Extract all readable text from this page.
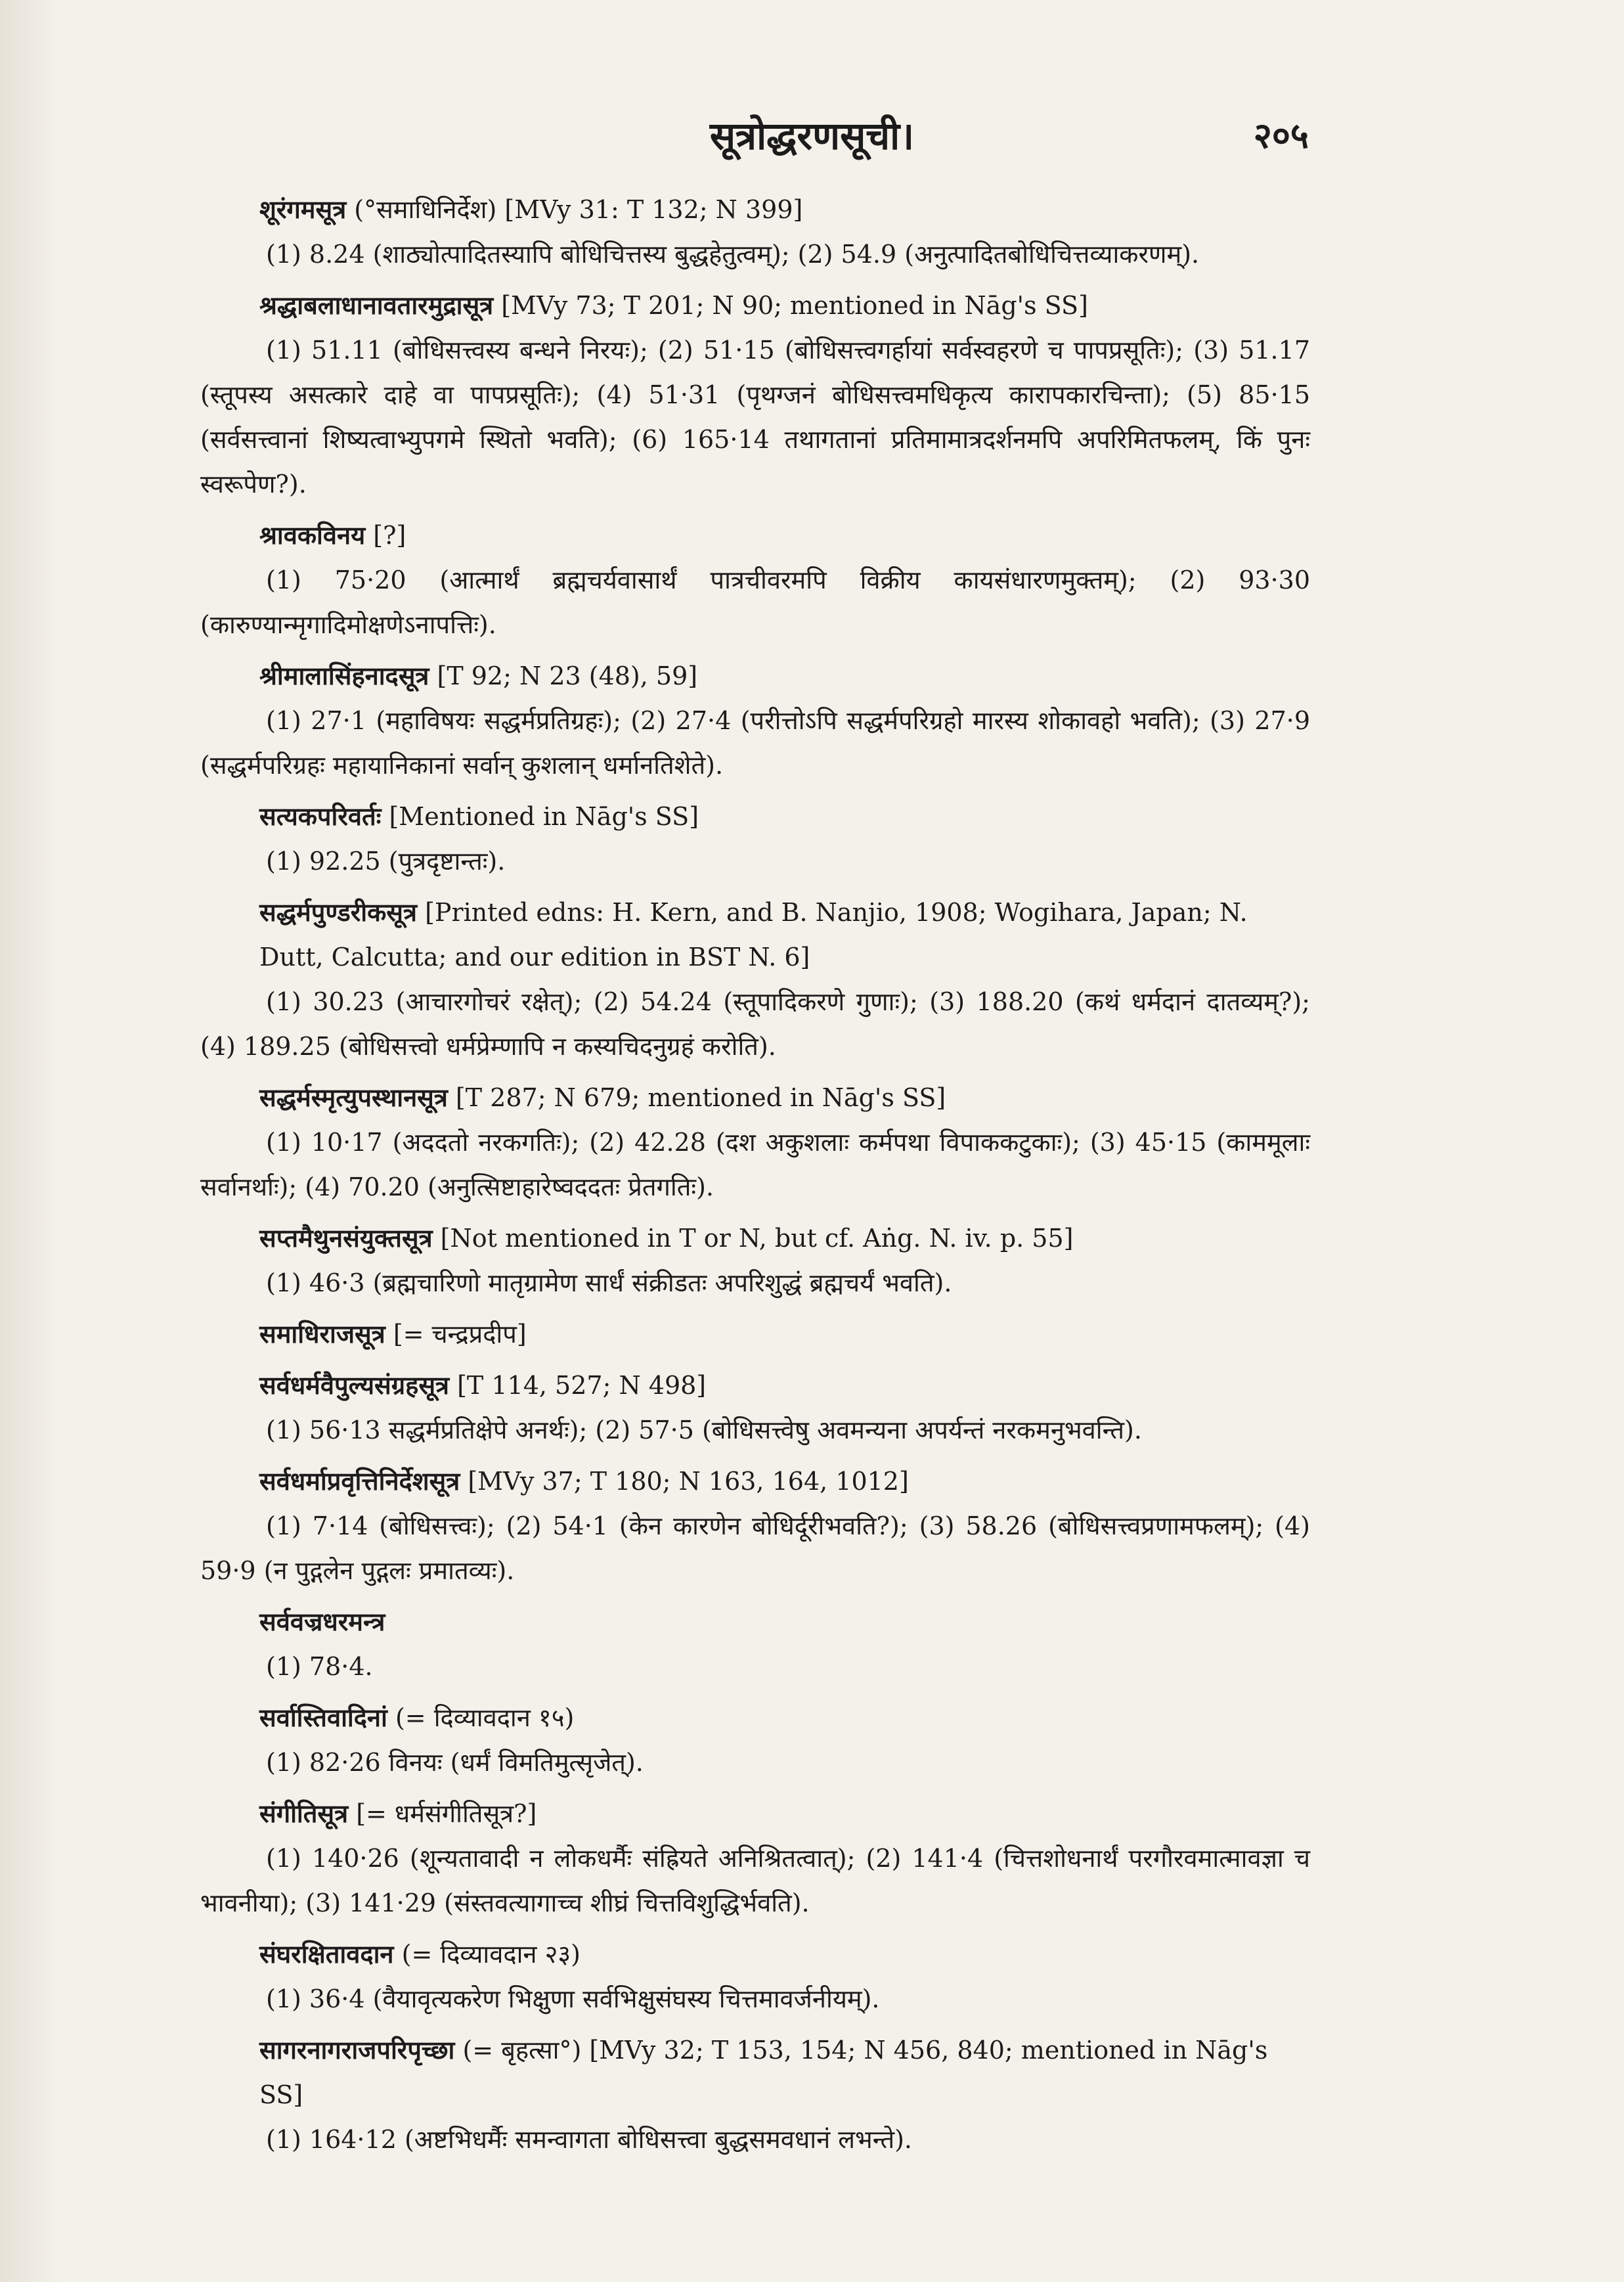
सूत्रोद्धरणसूची।	२०५

शूरंगमसूत्र (°समाधिनिर्देश) [MVy 31: T 132; N 399]

(1) 8.24 (शाठ्योत्पादितस्यापि बोधिचित्तस्य बुद्धहेतुत्वम्); (2) 54.9 (अनुत्पादितबोधिचित्तव्याकरणम्).

श्रद्धाबलाधानावतारमुद्रासूत्र [MVy 73; T 201; N 90; mentioned in Nāg's SS]

(1) 51.11 (बोधिसत्त्वस्य बन्धने निरयः); (2) 51·15 (बोधिसत्त्वगर्हायां सर्वस्वहरणे च पापप्रसूतिः); (3) 51.17 (स्तूपस्य असत्कारे दाहे वा पापप्रसूतिः); (4) 51·31 (पृथग्जनं बोधिसत्त्वमधिकृत्य कारापकारचिन्ता); (5) 85·15 (सर्वसत्त्वानां शिष्यत्वाभ्युपगमे स्थितो भवति); (6) 165·14 तथागतानां प्रतिमामात्रदर्शनमपि अपरिमितफलम्, किं पुनः स्वरूपेण?).

श्रावकविनय [?]

(1) 75·20 (आत्मार्थं ब्रह्मचर्यवासार्थं पात्रचीवरमपि विक्रीय कायसंधारणमुक्तम्); (2) 93·30 (कारुण्यान्मृगादिमोक्षणेऽनापत्तिः).

श्रीमालासिंहनादसूत्र [T 92; N 23 (48), 59]

(1) 27·1 (महाविषयः सद्धर्मप्रतिग्रहः); (2) 27·4 (परीत्तोऽपि सद्धर्मपरिग्रहो मारस्य शोकावहो भवति); (3) 27·9 (सद्धर्मपरिग्रहः महायानिकानां सर्वान् कुशलान् धर्मानतिशेते).

सत्यकपरिवर्तः [Mentioned in Nāg's SS]

(1) 92.25 (पुत्रदृष्टान्तः).

सद्धर्मपुण्डरीकसूत्र [Printed edns: H. Kern, and B. Nanjio, 1908; Wogihara, Japan; N. Dutt, Calcutta; and our edition in BST N. 6]

(1) 30.23 (आचारगोचरं रक्षेत्); (2) 54.24 (स्तूपादिकरणे गुणाः); (3) 188.20 (कथं धर्मदानं दातव्यम्?); (4) 189.25 (बोधिसत्त्वो धर्मप्रेम्णापि न कस्यचिदनुग्रहं करोति).

सद्धर्मस्मृत्युपस्थानसूत्र [T 287; N 679; mentioned in Nāg's SS]

(1) 10·17 (अददतो नरकगतिः); (2) 42.28 (दश अकुशलाः कर्मपथा विपाककटुकाः); (3) 45·15 (काममूलाः सर्वानर्थाः); (4) 70.20 (अनुत्सिष्टाहारेष्वददतः प्रेतगतिः).

सप्तमैथुनसंयुक्तसूत्र [Not mentioned in T or N, but cf. Aṅg. N. iv. p. 55]

(1) 46·3 (ब्रह्मचारिणो मातृग्रामेण सार्धं संक्रीडतः अपरिशुद्धं ब्रह्मचर्यं भवति).

समाधिराजसूत्र [= चन्द्रप्रदीप]

सर्वधर्मवैपुल्यसंग्रहसूत्र [T 114, 527; N 498]

(1) 56·13 सद्धर्मप्रतिक्षेपे अनर्थः); (2) 57·5 (बोधिसत्त्वेषु अवमन्यना अपर्यन्तं नरकमनुभवन्ति).

सर्वधर्माप्रवृत्तिनिर्देशसूत्र [MVy 37; T 180; N 163, 164, 1012]

(1) 7·14 (बोधिसत्त्वः); (2) 54·1 (केन कारणेन बोधिर्दूरीभवति?); (3) 58.26 (बोधिसत्त्वप्रणामफलम्); (4) 59·9 (न पुद्गलेन पुद्गलः प्रमातव्यः).

सर्ववज्रधरमन्त्र

(1) 78·4.

सर्वास्तिवादिनां (= दिव्यावदान १५)

(1) 82·26 विनयः (धर्मं विमतिमुत्सृजेत्).

संगीतिसूत्र [= धर्मसंगीतिसूत्र?]

(1) 140·26 (शून्यतावादी न लोकधर्मैः संह्रियते अनिश्रितत्वात्); (2) 141·4 (चित्तशोधनार्थं परगौरवमात्मावज्ञा च भावनीया); (3) 141·29 (संस्तवत्यागाच्च शीघ्रं चित्तविशुद्धिर्भवति).

संघरक्षितावदान (= दिव्यावदान २३)

(1) 36·4 (वैयावृत्यकरेण भिक्षुणा सर्वभिक्षुसंघस्य चित्तमावर्जनीयम्).

सागरनागराजपरिपृच्छा (= बृहत्सा°) [MVy 32; T 153, 154; N 456, 840; mentioned in Nāg's SS]

(1) 164·12 (अष्टभिधर्मैः समन्वागता बोधिसत्त्वा बुद्धसमवधानं लभन्ते).
